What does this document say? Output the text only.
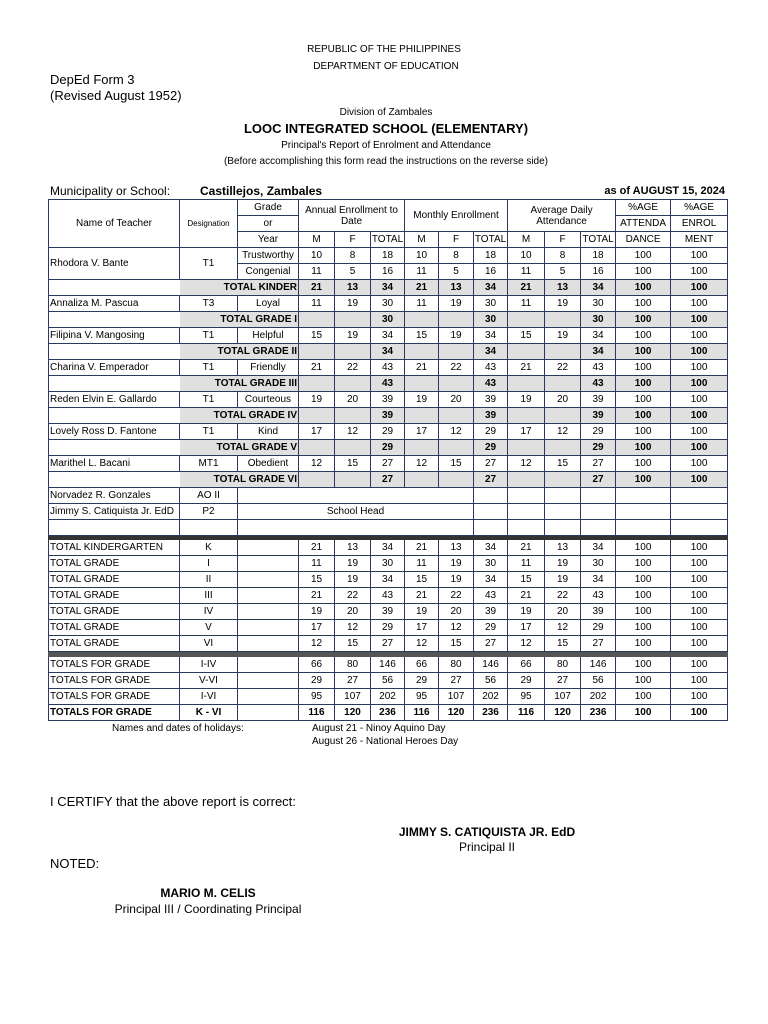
REPUBLIC OF THE PHILIPPINES
DEPARTMENT OF EDUCATION
DepEd Form 3
(Revised August 1952)
Division of Zambales
LOOC INTEGRATED SCHOOL (ELEMENTARY)
Principal's Report of Enrolment and Attendance
(Before accomplishing this form read the instructions on the reverse side)
Municipality or School: Castillejos, Zambales	as of AUGUST 15, 2024
Name of Teacher	Designation	Grade	Annual Enrollment to Date			Monthly Enrollment			Average Daily Attendance			%AGE	%AGE
		or										ATTENDA	ENROL
		Year	M	F	TOTAL	M	F	TOTAL	M	F	TOTAL	DANCE	MENT
Rhodora V. Bante	T1	Trustworthy	10	8	18	10	8	18	10	8	18	100	100
		Congenial	11	5	16	11	5	16	11	5	16	100	100
	TOTAL KINDER		21	13	34	21	13	34	21	13	34	100	100
Annaliza M. Pascua	T3	Loyal	11	19	30	11	19	30	11	19	30	100	100
	TOTAL GRADE I				30			30			30	100	100
Filipina V. Mangosing	T1	Helpful	15	19	34	15	19	34	15	19	34	100	100
	TOTAL GRADE II				34			34			34	100	100
Charina V. Emperador	T1	Friendly	21	22	43	21	22	43	21	22	43	100	100
	TOTAL GRADE III				43			43			43	100	100
Reden Elvin E. Gallardo	T1	Courteous	19	20	39	19	20	39	19	20	39	100	100
	TOTAL GRADE IV				39			39			39	100	100
Lovely Ross D. Fantone	T1	Kind	17	12	29	17	12	29	17	12	29	100	100
	TOTAL GRADE V				29			29			29	100	100
Marithel L. Bacani	MT1	Obedient	12	15	27	12	15	27	12	15	27	100	100
	TOTAL GRADE VI				27			27			27	100	100
Norvadez R. Gonzales	AO II												
Jimmy S. Catiquista Jr. EdD	P2	School Head											

TOTAL KINDERGARTEN	K		21	13	34	21	13	34	21	13	34	100	100
TOTAL GRADE	I		11	19	30	11	19	30	11	19	30	100	100
TOTAL GRADE	II		15	19	34	15	19	34	15	19	34	100	100
TOTAL GRADE	III		21	22	43	21	22	43	21	22	43	100	100
TOTAL GRADE	IV		19	20	39	19	20	39	19	20	39	100	100
TOTAL GRADE	V		17	12	29	17	12	29	17	12	29	100	100
TOTAL GRADE	VI		12	15	27	12	15	27	12	15	27	100	100

TOTALS FOR GRADE	I-IV		66	80	146	66	80	146	66	80	146	100	100
TOTALS FOR GRADE	V-VI		29	27	56	29	27	56	29	27	56	100	100
TOTALS FOR GRADE	I-VI		95	107	202	95	107	202	95	107	202	100	100
TOTALS FOR GRADE	K - VI		116	120	236	116	120	236	116	120	236	100	100
Names and dates of holidays:	August 21 - Ninoy Aquino Day
August 26 - National Heroes Day
I CERTIFY that the above report is correct:
JIMMY S. CATIQUISTA JR. EdD
Principal II
NOTED:
MARIO M. CELIS
Principal III / Coordinating Principal
